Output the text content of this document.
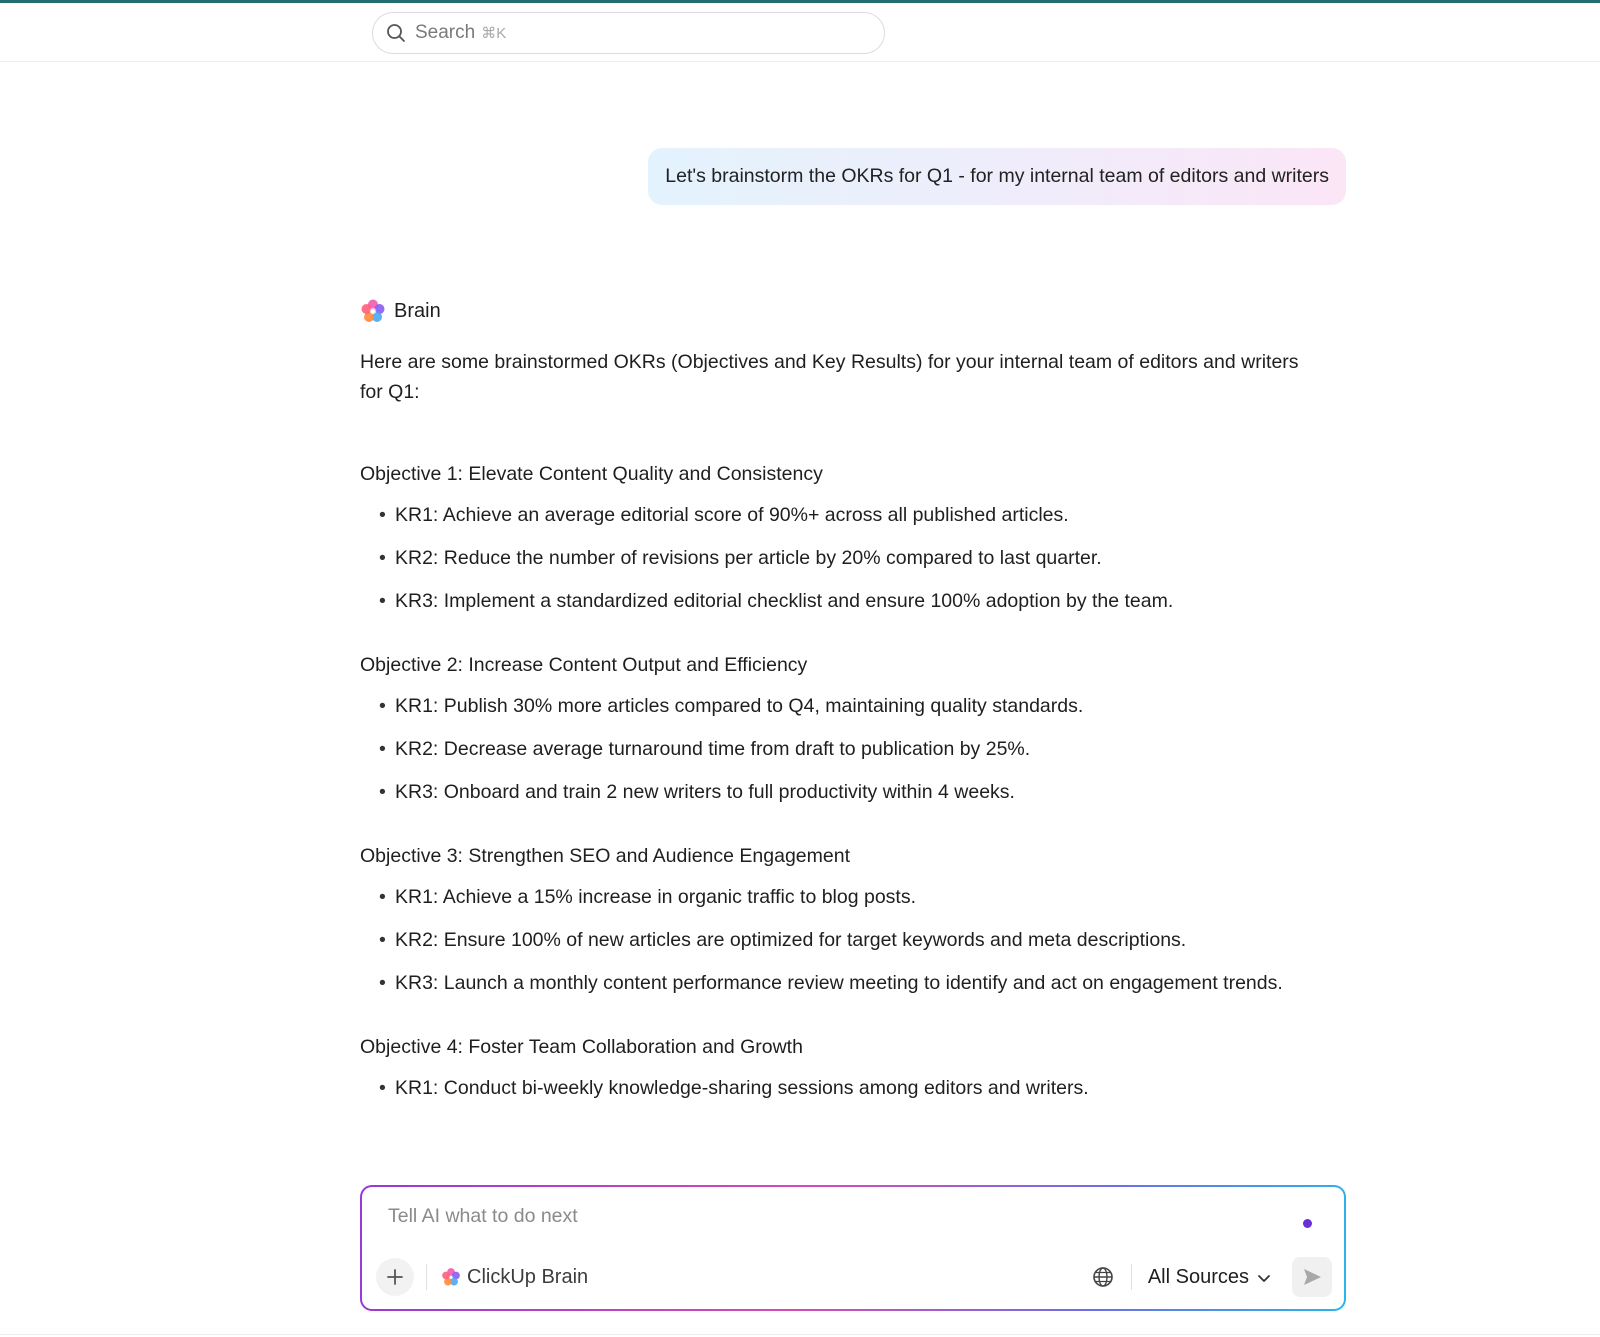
Search ⌘K
Let's brainstorm the OKRs for Q1 - for my internal team of editors and writers
Brain

Here are some brainstormed OKRs (Objectives and Key Results) for your internal team of editors and writers for Q1:

Objective 1: Elevate Content Quality and Consistency

• KR1: Achieve an average editorial score of 90%+ across all published articles.
• KR2: Reduce the number of revisions per article by 20% compared to last quarter.
• KR3: Implement a standardized editorial checklist and ensure 100% adoption by the team.

Objective 2: Increase Content Output and Efficiency

• KR1: Publish 30% more articles compared to Q4, maintaining quality standards.
• KR2: Decrease average turnaround time from draft to publication by 25%.
• KR3: Onboard and train 2 new writers to full productivity within 4 weeks.

Objective 3: Strengthen SEO and Audience Engagement

• KR1: Achieve a 15% increase in organic traffic to blog posts.
• KR2: Ensure 100% of new articles are optimized for target keywords and meta descriptions.
• KR3: Launch a monthly content performance review meeting to identify and act on engagement trends.

Objective 4: Foster Team Collaboration and Growth

• KR1: Conduct bi-weekly knowledge-sharing sessions among editors and writers.
Tell AI what to do next
ClickUp Brain	All Sources
